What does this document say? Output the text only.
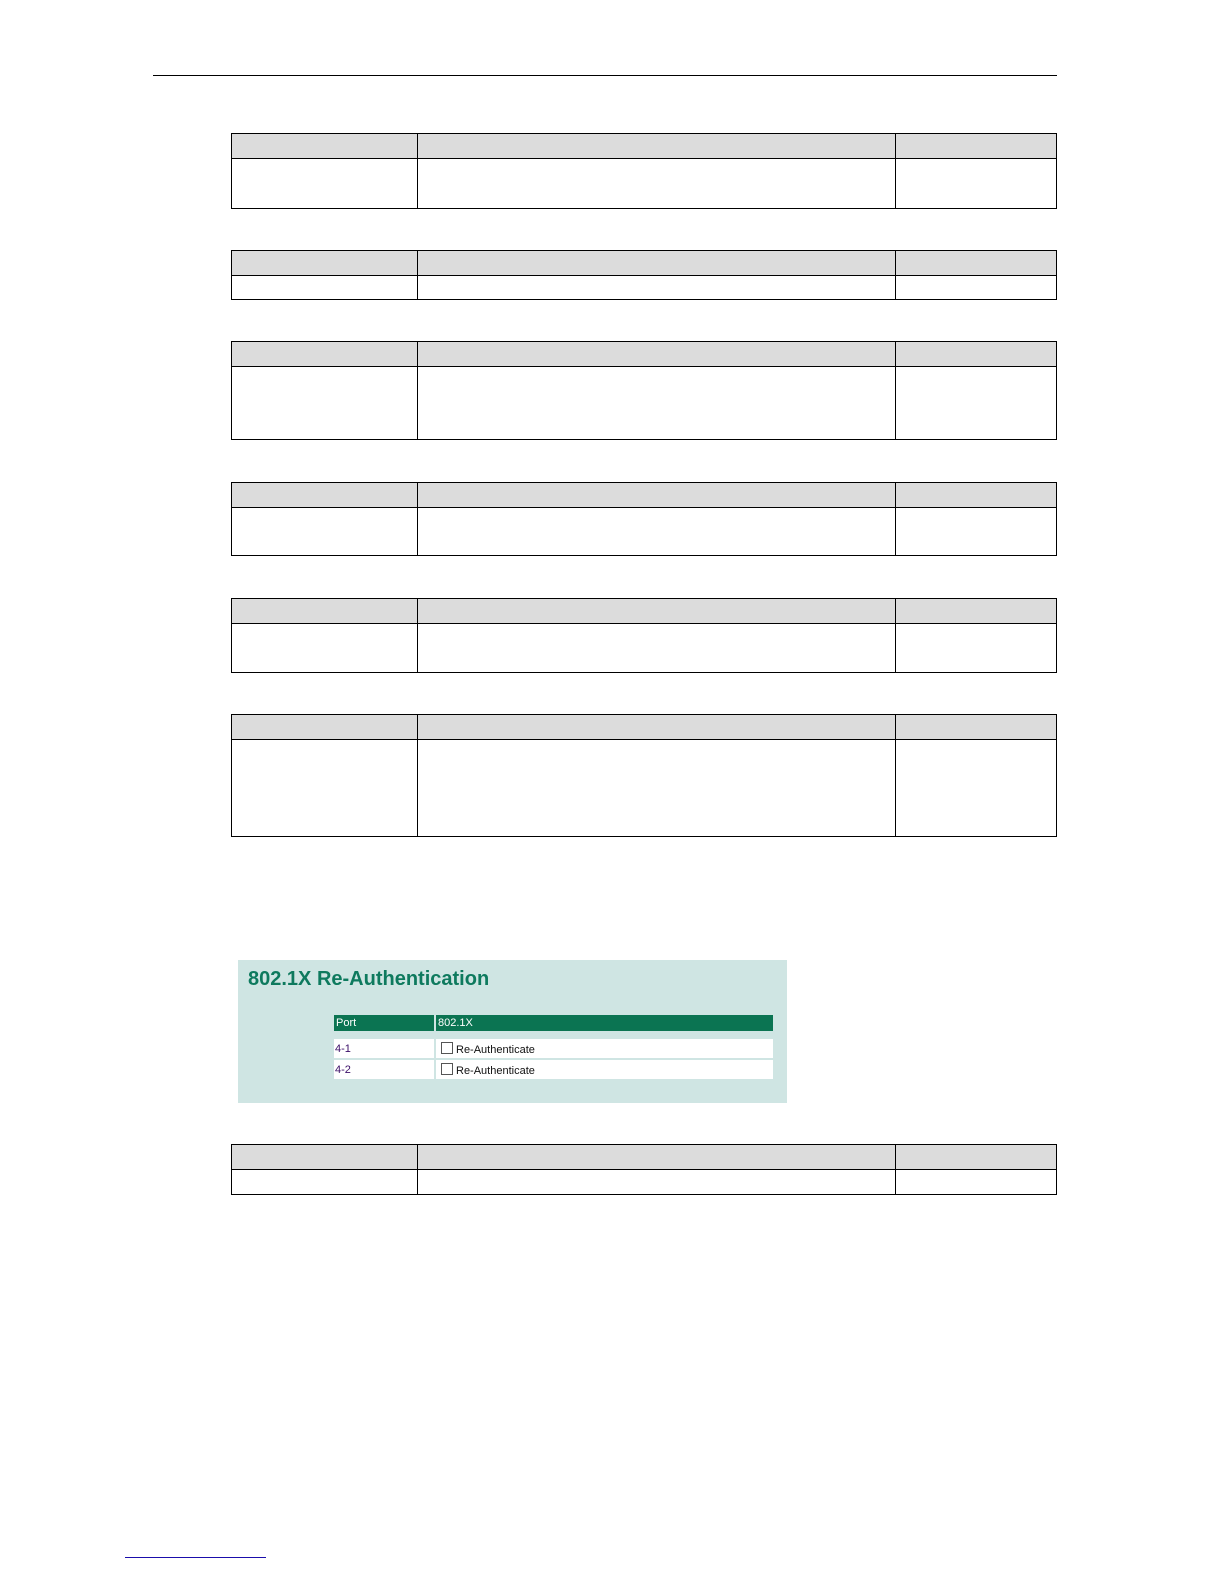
802.1X Re-Authentication
Port	802.1X

4-1	Re-Authenticate
4-2	Re-Authenticate
